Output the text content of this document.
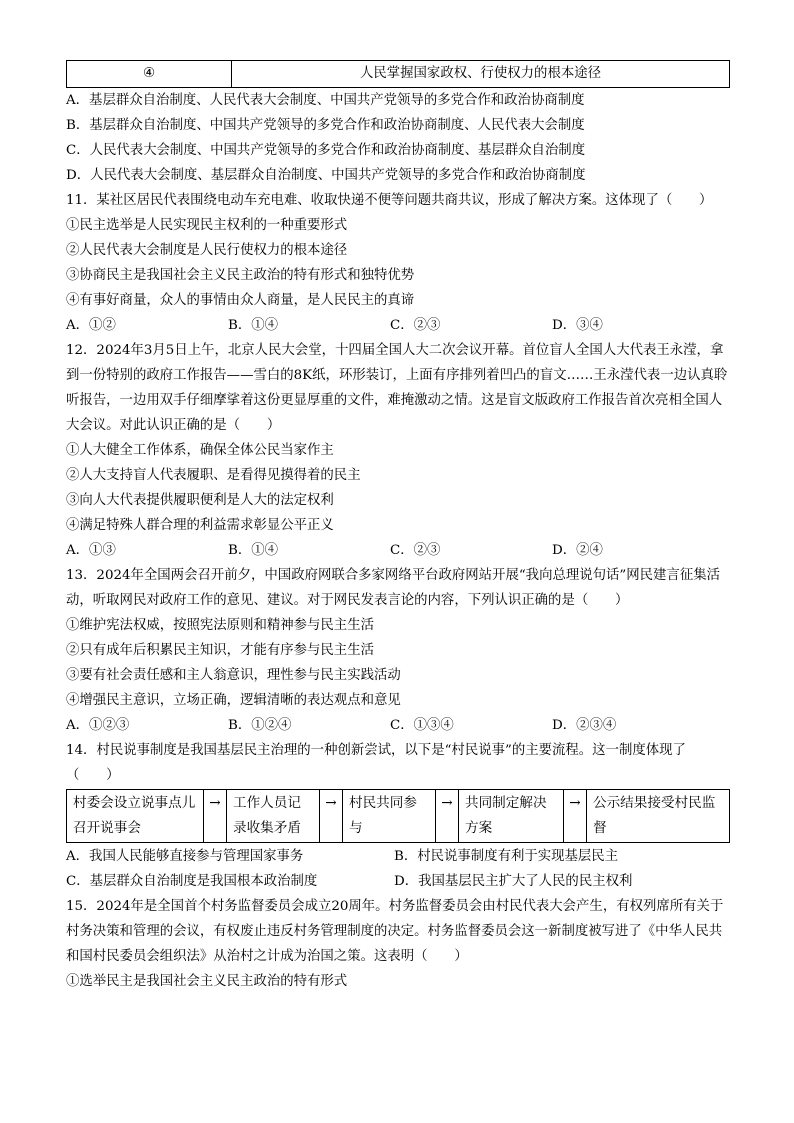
④	人民掌握国家政权、行使权力的根本途径
A．基层群众自治制度、人民代表大会制度、中国共产党领导的多党合作和政治协商制度
B．基层群众自治制度、中国共产党领导的多党合作和政治协商制度、人民代表大会制度
C．人民代表大会制度、中国共产党领导的多党合作和政治协商制度、基层群众自治制度
D．人民代表大会制度、基层群众自治制度、中国共产党领导的多党合作和政治协商制度
11．某社区居民代表围绕电动车充电难、收取快递不便等问题共商共议，形成了解决方案。这体现了（　　）
①民主选举是人民实现民主权利的一种重要形式
②人民代表大会制度是人民行使权力的根本途径
③协商民主是我国社会主义民主政治的特有形式和独特优势
④有事好商量，众人的事情由众人商量，是人民民主的真谛
A．①②	B．①④	C．②③	D．③④
12．2024年3月5日上午，北京人民大会堂，十四届全国人大二次会议开幕。首位盲人全国人大代表王永滢，拿到一份特别的政府工作报告——雪白的8K纸，环形装订，上面有序排列着凹凸的盲文……王永滢代表一边认真聆听报告，一边用双手仔细摩挲着这份更显厚重的文件，难掩激动之情。这是盲文版政府工作报告首次亮相全国人大会议。对此认识正确的是（　　）
①人大健全工作体系，确保全体公民当家作主
②人大支持盲人代表履职、是看得见摸得着的民主
③向人大代表提供履职便利是人大的法定权利
④满足特殊人群合理的利益需求彰显公平正义
A．①③	B．①④	C．②③	D．②④
13．2024年全国两会召开前夕，中国政府网联合多家网络平台政府网站开展“我向总理说句话”网民建言征集活动，听取网民对政府工作的意见、建议。对于网民发表言论的内容，下列认识正确的是（　　）
①维护宪法权威，按照宪法原则和精神参与民主生活
②只有成年后积累民主知识，才能有序参与民主生活
③要有社会责任感和主人翁意识，理性参与民主实践活动
④增强民主意识，立场正确，逻辑清晰的表达观点和意见
A．①②③	B．①②④	C．①③④	D．②③④
14．村民说事制度是我国基层民主治理的一种创新尝试，以下是“村民说事”的主要流程。这一制度体现了（　　）
村委会设立说事点儿召开说事会	→	工作人员记录收集矛盾	→	村民共同参与	→	共同制定解决方案	→	公示结果接受村民监督
A．我国人民能够直接参与管理国家事务	B．村民说事制度有利于实现基层民主
C．基层群众自治制度是我国根本政治制度	D．我国基层民主扩大了人民的民主权利
15．2024年是全国首个村务监督委员会成立20周年。村务监督委员会由村民代表大会产生，有权列席所有关于村务决策和管理的会议，有权废止违反村务管理制度的决定。村务监督委员会这一新制度被写进了《中华人民共和国村民委员会组织法》从治村之计成为治国之策。这表明（　　）
①选举民主是我国社会主义民主政治的特有形式
